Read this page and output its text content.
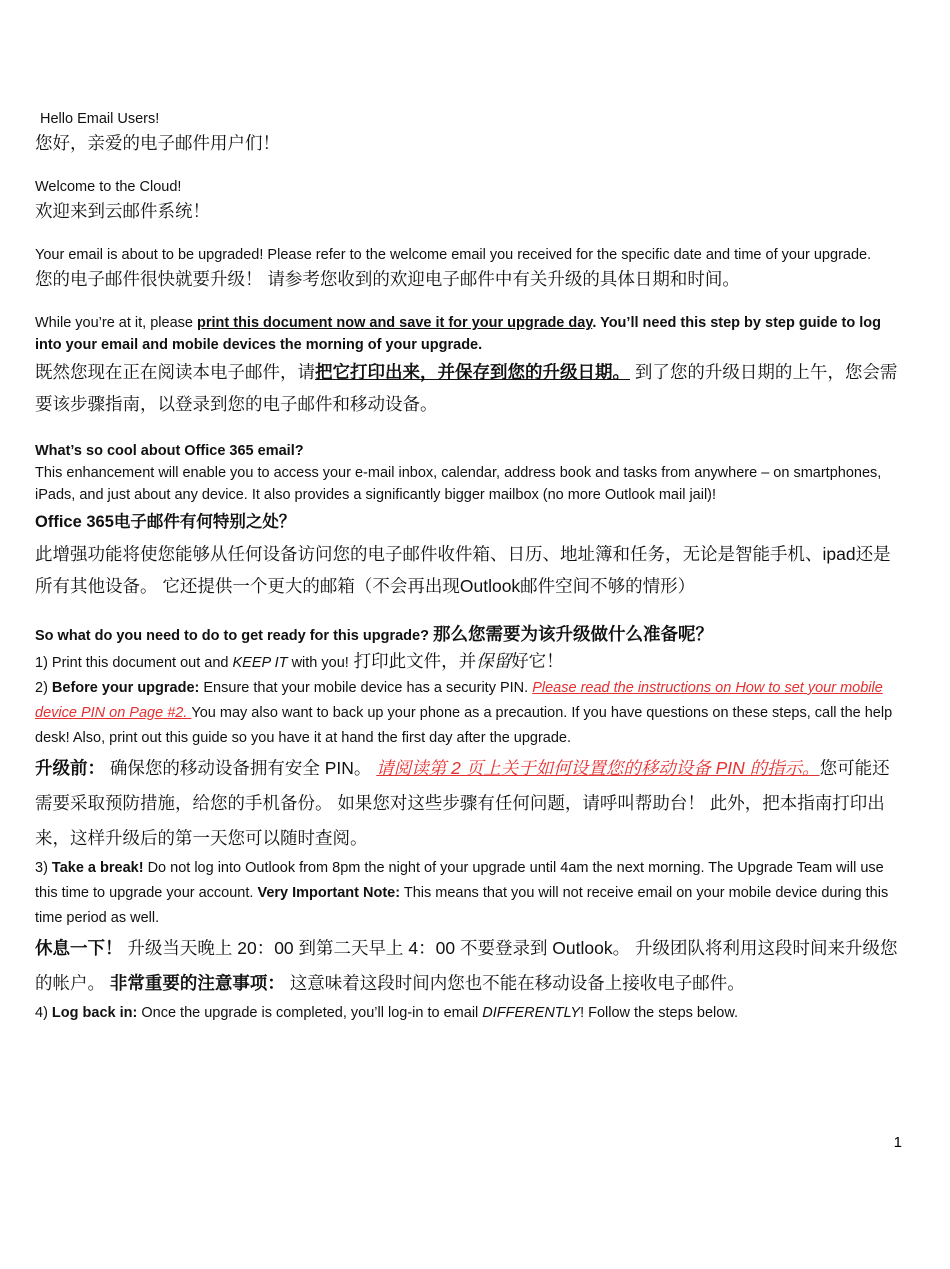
Hello Email Users!

您好，亲爱的电子邮件用户们！

Welcome to the Cloud!

欢迎来到云邮件系统！

Your email is about to be upgraded! Please refer to the welcome email you received for the specific date and time of your upgrade.

您的电子邮件很快就要升级！ 请参考您收到的欢迎电子邮件中有关升级的具体日期和时间。

While you’re at it, please print this document now and save it for your upgrade day. You’ll need this step by step guide to log into your email and mobile devices the morning of your upgrade.

既然您现在正在阅读本电子邮件，请把它打印出来，并保存到您的升级日期。 到了您的升级日期的上午，您会需要该步骤指南，以登录到您的电子邮件和移动设备。

What’s so cool about Office 365 email?

This enhancement will enable you to access your e-mail inbox, calendar, address book and tasks from anywhere – on smartphones, iPads, and just about any device. It also provides a significantly bigger mailbox (no more Outlook mail jail)!

Office 365电子邮件有何特别之处？

此增强功能将使您能够从任何设备访问您的电子邮件收件箱、日历、地址簿和任务，无论是智能手机、ipad还是所有其他设备。 它还提供一个更大的邮箱（不会再出现Outlook邮件空间不够的情形）

So what do you need to do to get ready for this upgrade? 那么您需要为该升级做什么准备呢？

1) Print this document out and KEEP IT with you! 打印此文件，并保留好它！

2) Before your upgrade: Ensure that your mobile device has a security PIN. Please read the instructions on How to set your mobile device PIN on Page #2. You may also want to back up your phone as a precaution. If you have questions on these steps, call the help desk! Also, print out this guide so you have it at hand the first day after the upgrade.

升级前： 确保您的移动设备拥有安全 PIN。 请阅读第 2 页上关于如何设置您的移动设备 PIN 的指示。您可能还需要采取预防措施，给您的手机备份。 如果您对这些步骤有任何问题，请呼叫帮助台！ 此外，把本指南打印出来，这样升级后的第一天您可以随时查阅。

3) Take a break! Do not log into Outlook from 8pm the night of your upgrade until 4am the next morning. The Upgrade Team will use this time to upgrade your account. Very Important Note: This means that you will not receive email on your mobile device during this time period as well.

休息一下！ 升级当天晚上 20：00 到第二天早上 4：00 不要登录到 Outlook。 升级团队将利用这段时间来升级您的帐户。 非常重要的注意事项： 这意味着这段时间内您也不能在移动设备上接收电子邮件。

4) Log back in: Once the upgrade is completed, you’ll log-in to email DIFFERENTLY! Follow the steps below.

1
